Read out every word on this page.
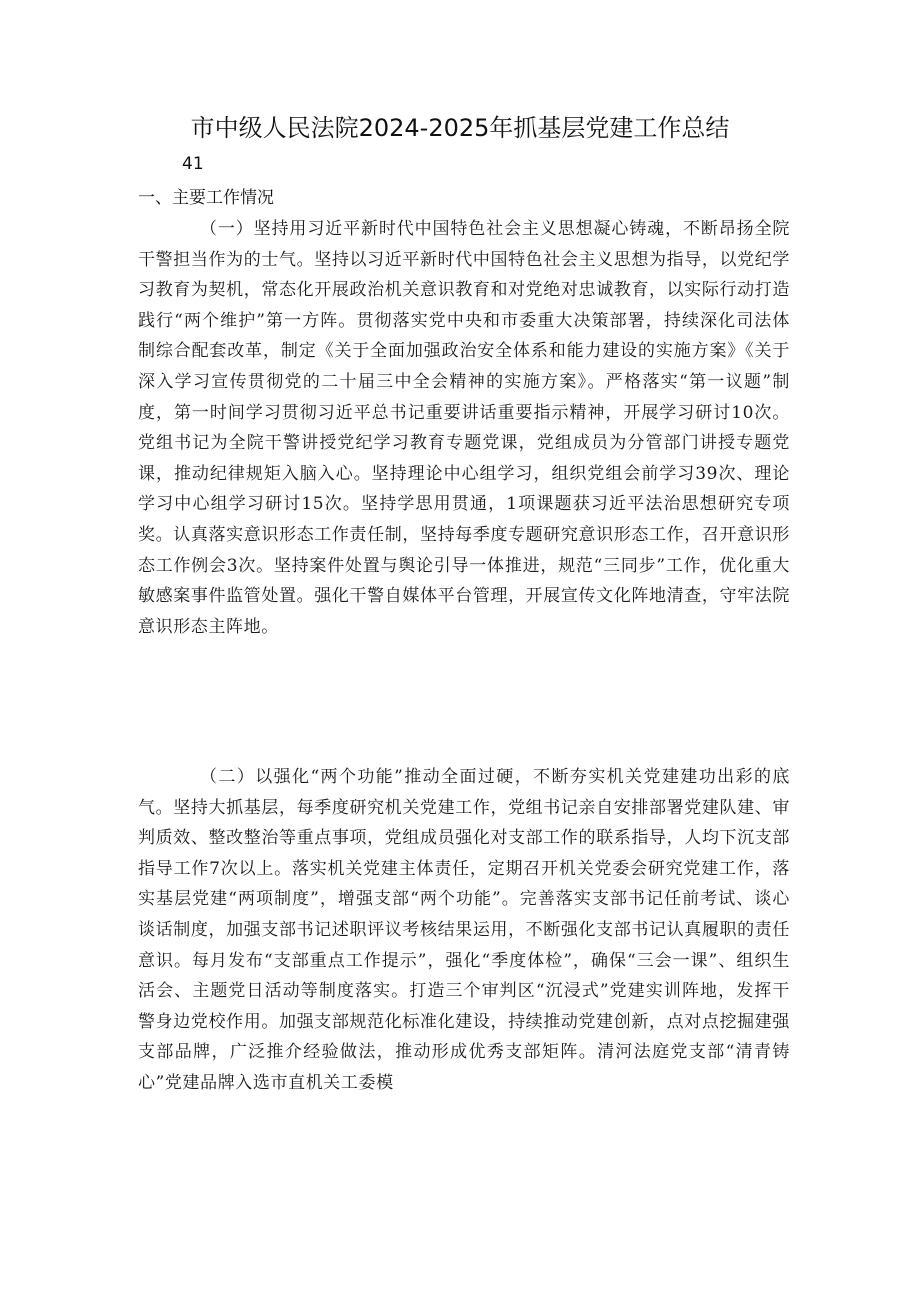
市中级人民法院2024-2025年抓基层党建工作总结
41
一、主要工作情况

（一）坚持用习近平新时代中国特色社会主义思想凝心铸魂，不断昂扬全院干警担当作为的士气。坚持以习近平新时代中国特色社会主义思想为指导，以党纪学习教育为契机，常态化开展政治机关意识教育和对党绝对忠诚教育，以实际行动打造践行“两个维护”第一方阵。贯彻落实党中央和市委重大决策部署，持续深化司法体制综合配套改革，制定《关于全面加强政治安全体系和能力建设的实施方案》《关于深入学习宣传贯彻党的二十届三中全会精神的实施方案》。严格落实“第一议题”制度，第一时间学习贯彻习近平总书记重要讲话重要指示精神，开展学习研讨10次。党组书记为全院干警讲授党纪学习教育专题党课，党组成员为分管部门讲授专题党课，推动纪律规矩入脑入心。坚持理论中心组学习，组织党组会前学习39次、理论学习中心组学习研讨15次。坚持学思用贯通，1项课题获习近平法治思想研究专项奖。认真落实意识形态工作责任制，坚持每季度专题研究意识形态工作，召开意识形态工作例会3次。坚持案件处置与舆论引导一体推进，规范“三同步”工作，优化重大敏感案事件监管处置。强化干警自媒体平台管理，开展宣传文化阵地清查，守牢法院意识形态主阵地。

（二）以强化“两个功能”推动全面过硬，不断夯实机关党建建功出彩的底气。坚持大抓基层，每季度研究机关党建工作，党组书记亲自安排部署党建队建、审判质效、整改整治等重点事项，党组成员强化对支部工作的联系指导，人均下沉支部指导工作7次以上。落实机关党建主体责任，定期召开机关党委会研究党建工作，落实基层党建“两项制度”，增强支部“两个功能”。完善落实支部书记任前考试、谈心谈话制度，加强支部书记述职评议考核结果运用，不断强化支部书记认真履职的责任意识。每月发布“支部重点工作提示”，强化“季度体检”，确保“三会一课”、组织生活会、主题党日活动等制度落实。打造三个审判区“沉浸式”党建实训阵地，发挥干警身边党校作用。加强支部规范化标准化建设，持续推动党建创新，点对点挖掘建强支部品牌，广泛推介经验做法，推动形成优秀支部矩阵。清河法庭党支部“清青铸心”党建品牌入选市直机关工委模
